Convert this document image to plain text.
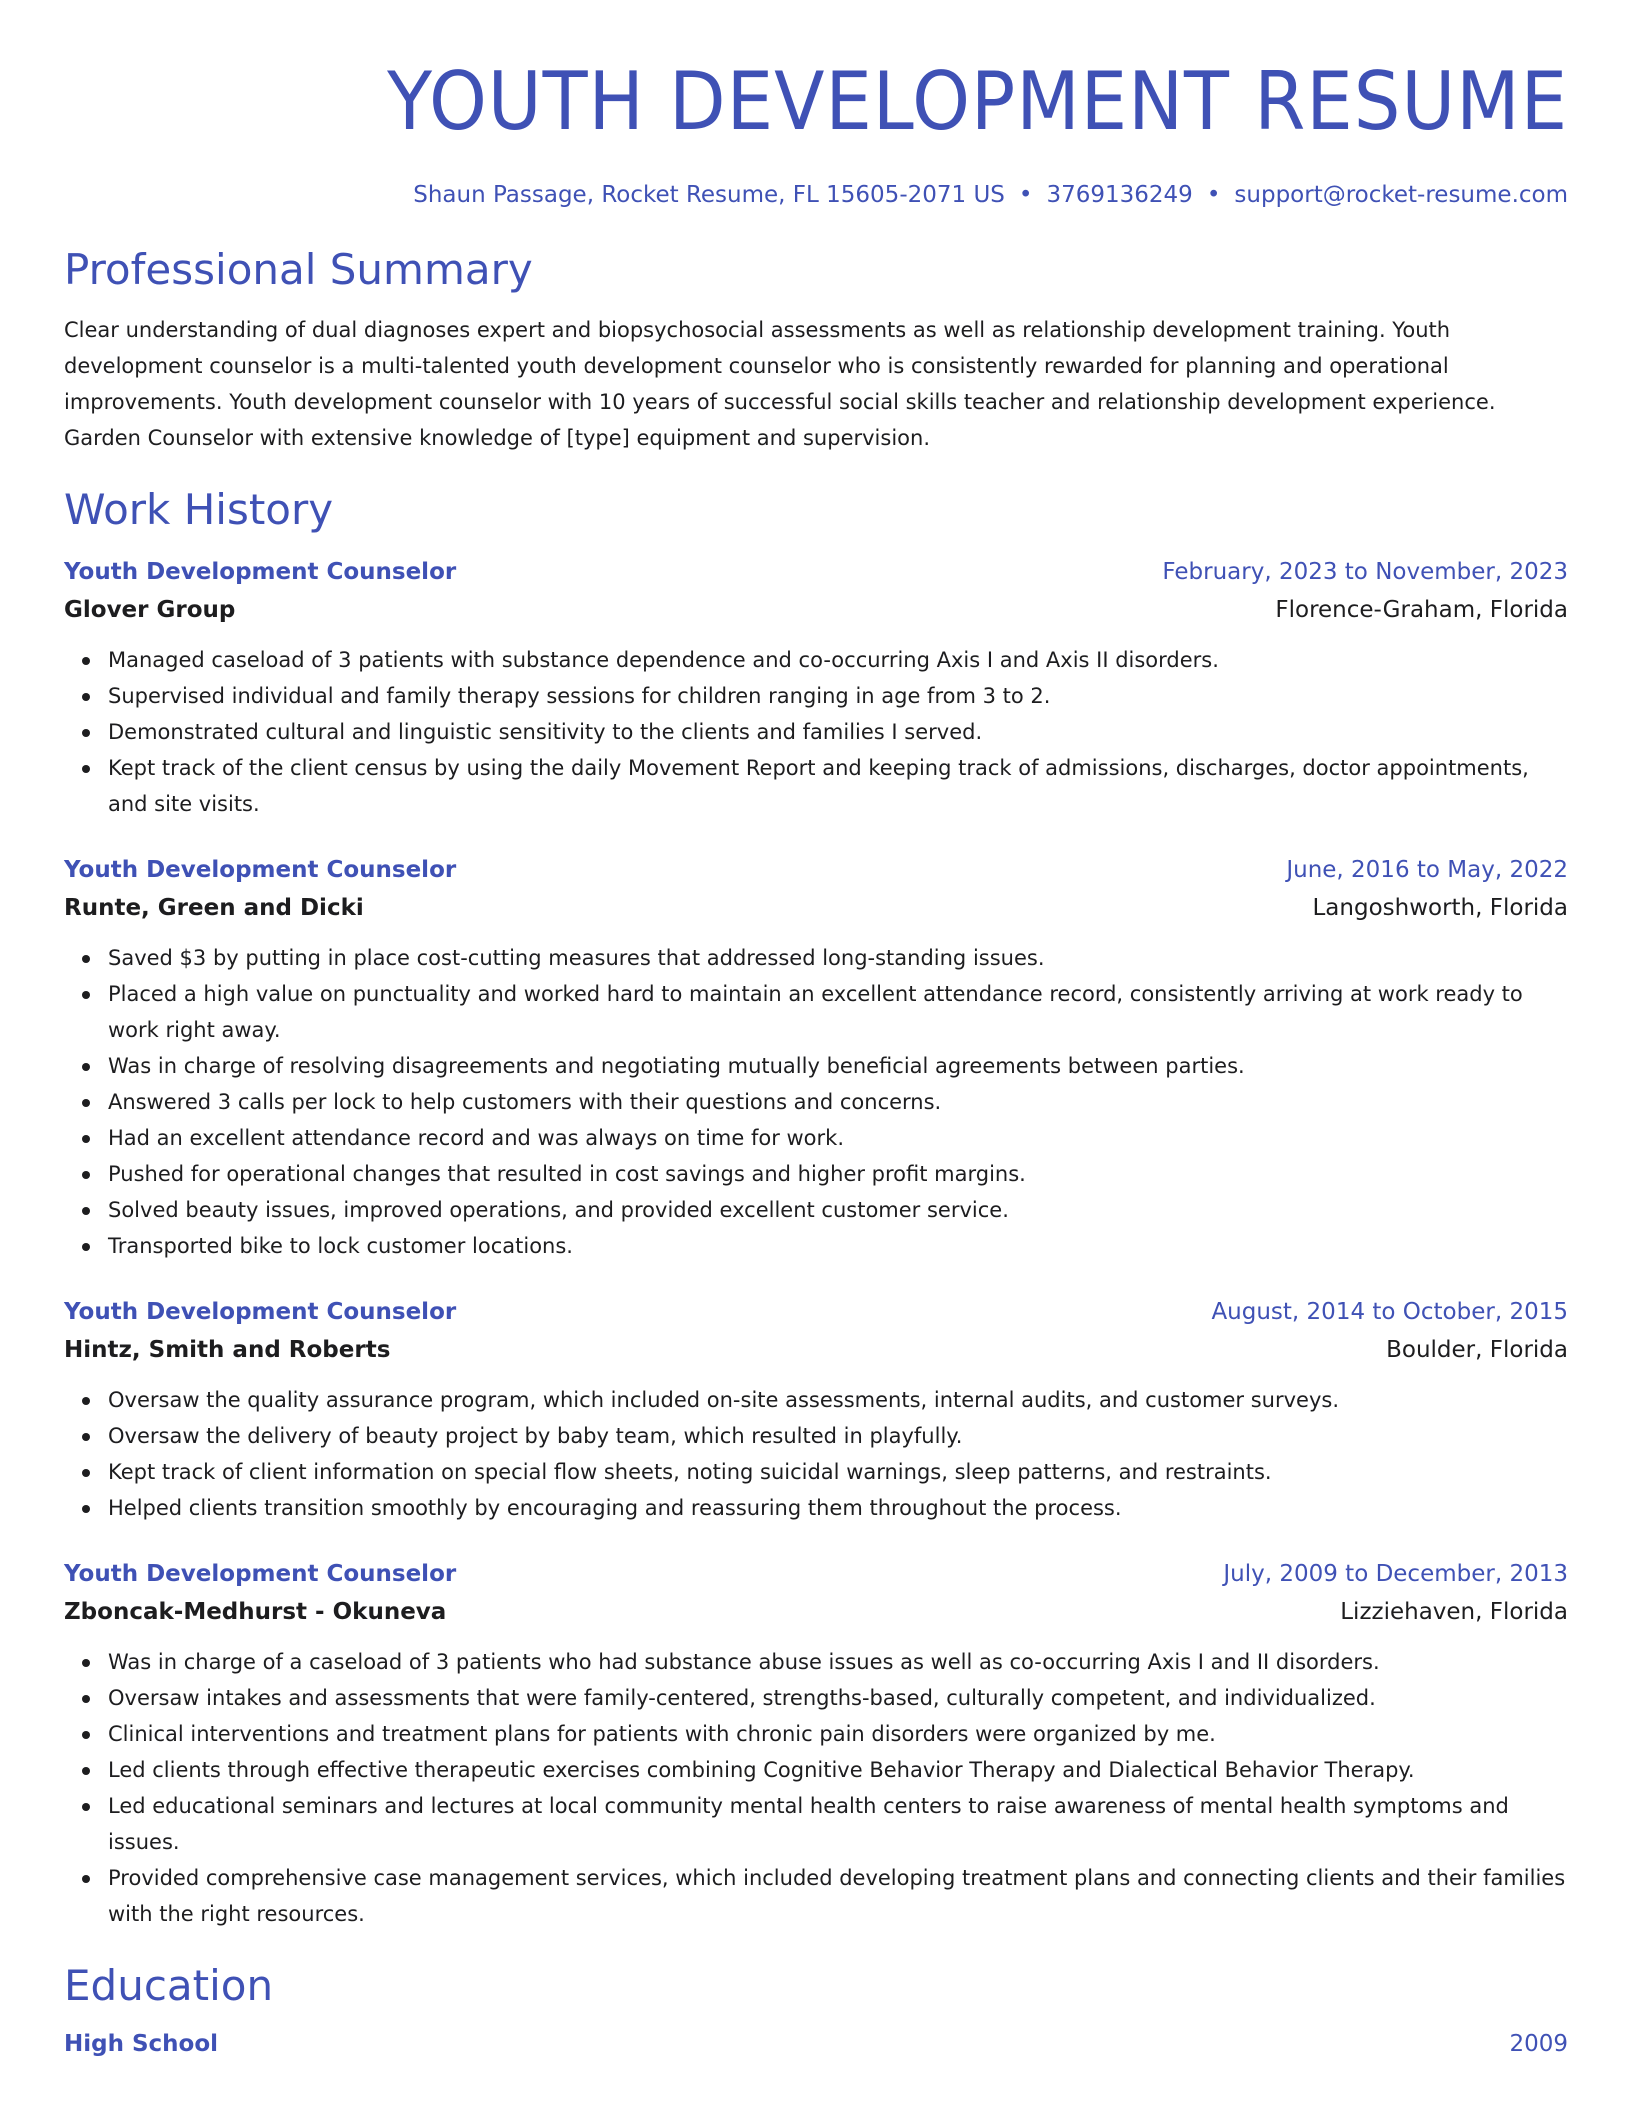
YOUTH DEVELOPMENT RESUME
Shaun Passage, Rocket Resume, FL 15605-2071 US • 3769136249 • support@rocket-resume.com
Professional Summary

Clear understanding of dual diagnoses expert and biopsychosocial assessments as well as relationship development training. Youth development counselor is a multi-talented youth development counselor who is consistently rewarded for planning and operational improvements. Youth development counselor with 10 years of successful social skills teacher and relationship development experience. Garden Counselor with extensive knowledge of [type] equipment and supervision.

Work History
Youth Development Counselor	February, 2023 to November, 2023
Glover Group	Florence-Graham, Florida
Managed caseload of 3 patients with substance dependence and co-occurring Axis I and Axis II disorders.
Supervised individual and family therapy sessions for children ranging in age from 3 to 2.
Demonstrated cultural and linguistic sensitivity to the clients and families I served.
Kept track of the client census by using the daily Movement Report and keeping track of admissions, discharges, doctor appointments, and site visits.
Youth Development Counselor	June, 2016 to May, 2022
Runte, Green and Dicki	Langoshworth, Florida
Saved $3 by putting in place cost-cutting measures that addressed long-standing issues.
Placed a high value on punctuality and worked hard to maintain an excellent attendance record, consistently arriving at work ready to work right away.
Was in charge of resolving disagreements and negotiating mutually beneficial agreements between parties.
Answered 3 calls per lock to help customers with their questions and concerns.
Had an excellent attendance record and was always on time for work.
Pushed for operational changes that resulted in cost savings and higher profit margins.
Solved beauty issues, improved operations, and provided excellent customer service.
Transported bike to lock customer locations.
Youth Development Counselor	August, 2014 to October, 2015
Hintz, Smith and Roberts	Boulder, Florida
Oversaw the quality assurance program, which included on-site assessments, internal audits, and customer surveys.
Oversaw the delivery of beauty project by baby team, which resulted in playfully.
Kept track of client information on special flow sheets, noting suicidal warnings, sleep patterns, and restraints.
Helped clients transition smoothly by encouraging and reassuring them throughout the process.
Youth Development Counselor	July, 2009 to December, 2013
Zboncak-Medhurst - Okuneva	Lizziehaven, Florida
Was in charge of a caseload of 3 patients who had substance abuse issues as well as co-occurring Axis I and II disorders.
Oversaw intakes and assessments that were family-centered, strengths-based, culturally competent, and individualized.
Clinical interventions and treatment plans for patients with chronic pain disorders were organized by me.
Led clients through effective therapeutic exercises combining Cognitive Behavior Therapy and Dialectical Behavior Therapy.
Led educational seminars and lectures at local community mental health centers to raise awareness of mental health symptoms and issues.
Provided comprehensive case management services, which included developing treatment plans and connecting clients and their families with the right resources.
Education
High School	2009
